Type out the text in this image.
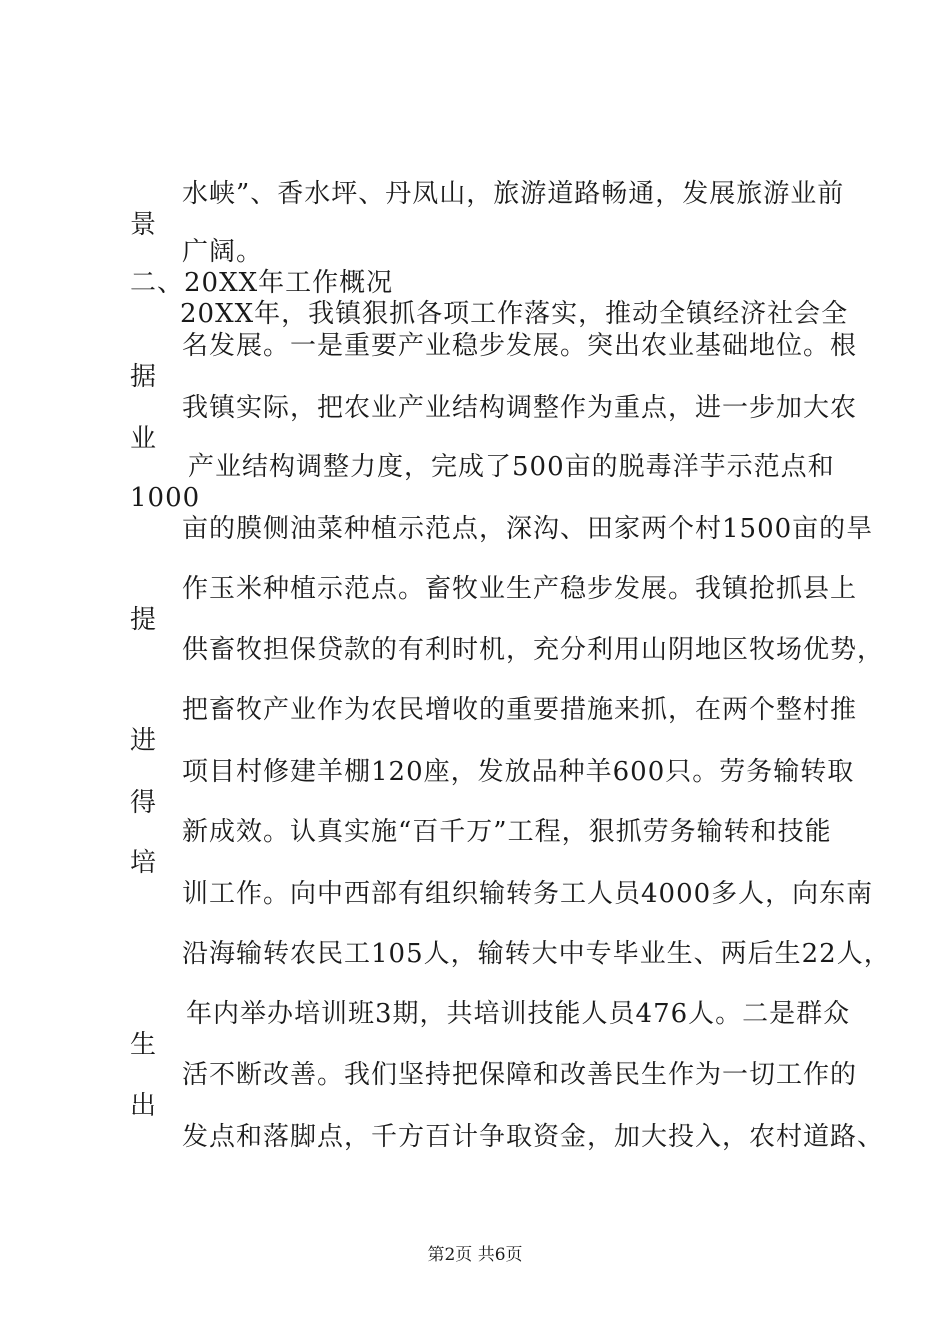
水峡”、香水坪、丹凤山，旅游道路畅通，发展旅游业前
景
广阔。
二、20XX年工作概况
20XX年，我镇狠抓各项工作落实，推动全镇经济社会全
名发展。一是重要产业稳步发展。突出农业基础地位。根
据
我镇实际，把农业产业结构调整作为重点，进一步加大农
业
产业结构调整力度，完成了500亩的脱毒洋芋示范点和
1000
亩的膜侧油菜种植示范点，深沟、田家两个村1500亩的旱
作玉米种植示范点。畜牧业生产稳步发展。我镇抢抓县上
提
供畜牧担保贷款的有利时机，充分利用山阴地区牧场优势，
把畜牧产业作为农民增收的重要措施来抓，在两个整村推
进
项目村修建羊棚120座，发放品种羊600只。劳务输转取
得
新成效。认真实施“百千万”工程，狠抓劳务输转和技能
培
训工作。向中西部有组织输转务工人员4000多人，向东南
沿海输转农民工105人，输转大中专毕业生、两后生22人，
年内举办培训班3期，共培训技能人员476人。二是群众
生
活不断改善。我们坚持把保障和改善民生作为一切工作的
出
发点和落脚点，千方百计争取资金，加大投入，农村道路、
第2页 共6页
